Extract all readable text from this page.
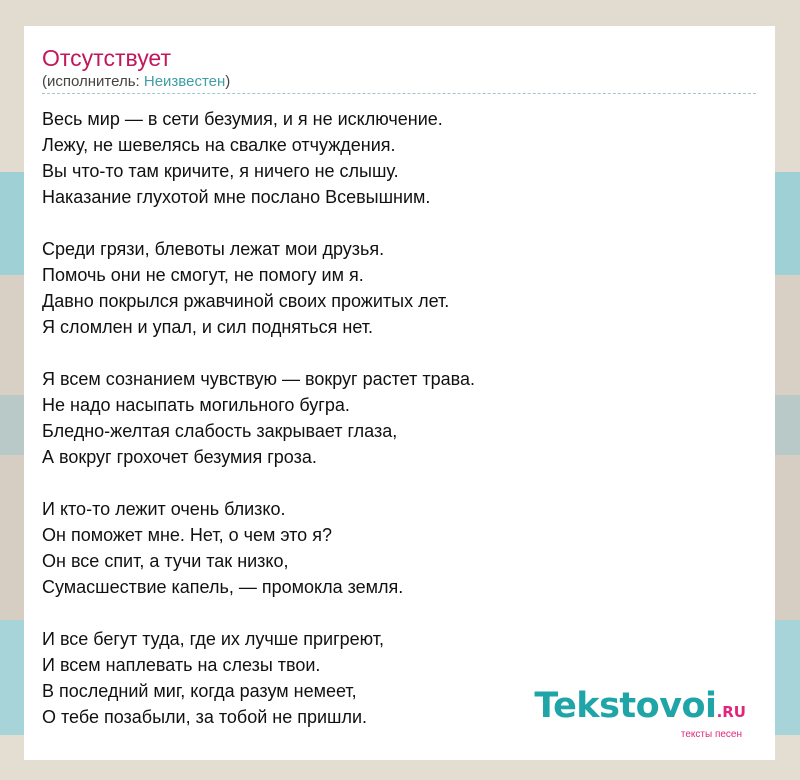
Отсутствует
(исполнитель: Неизвестен)
Весь мир — в сети безумия, и я не исключение.
Лежу, не шевелясь на свалке отчуждения.
Вы что-то там кричите, я ничего не слышу.
Наказание глухотой мне послано Всевышним.
Среди грязи, блевоты лежат мои друзья.
Помочь они не смогут, не помогу им я.
Давно покрылся ржавчиной своих прожитых лет.
Я сломлен и упал, и сил подняться нет.
Я всем сознанием чувствую — вокруг растет трава.
Не надо насыпать могильного бугра.
Бледно-желтая слабость закрывает глаза,
А вокруг грохочет безумия гроза.
И кто-то лежит очень близко.
Он поможет мне. Нет, о чем это я?
Он все спит, а тучи так низко,
Сумасшествие капель, — промокла земля.
И все бегут туда, где их лучше пригреют,
И всем наплевать на слезы твои.
В последний миг, когда разум немеет,
О тебе позабыли, за тобой не пришли.	Tekstovoi.RU
тексты песен
